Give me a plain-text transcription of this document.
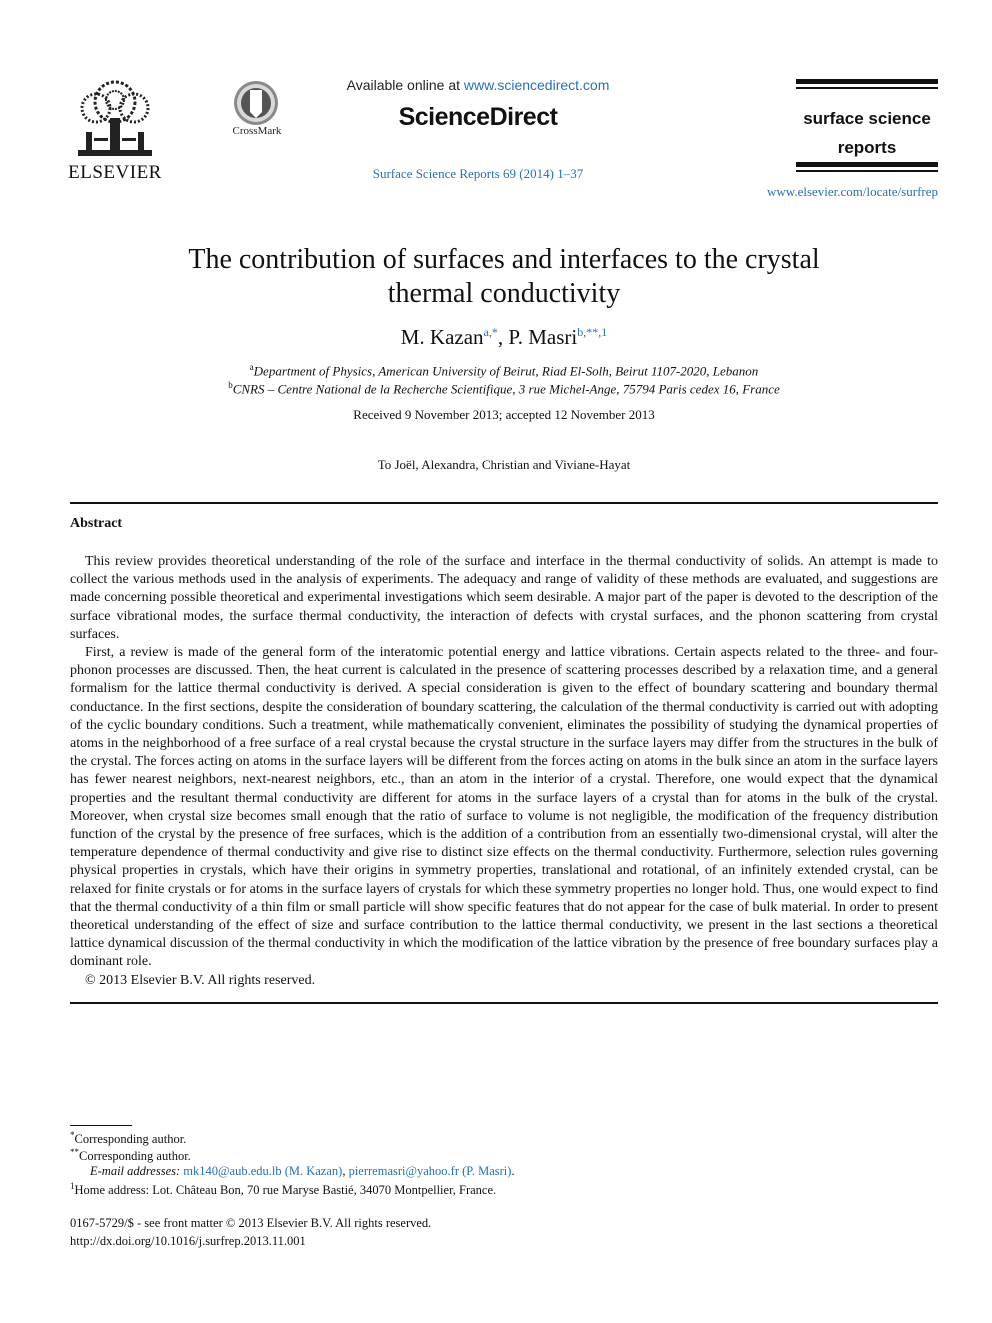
ELSEVIER
CrossMark
Available online at www.sciencedirect.com
ScienceDirect
Surface Science Reports 69 (2014) 1–37
surface science
reports
www.elsevier.com/locate/surfrep
The contribution of surfaces and interfaces to the crystal
thermal conductivity
M. Kazan$^{a,*}$, P. Masri$^{b,**,1}$
$^a$Department of Physics, American University of Beirut, Riad El-Solh, Beirut 1107-2020, Lebanon
$^b$CNRS – Centre National de la Recherche Scientifique, 3 rue Michel-Ange, 75794 Paris cedex 16, France
Received 9 November 2013; accepted 12 November 2013
To Joël, Alexandra, Christian and Viviane-Hayat
Abstract

This review provides theoretical understanding of the role of the surface and interface in the thermal conductivity of solids. An attempt is made to collect the various methods used in the analysis of experiments. The adequacy and range of validity of these methods are evaluated, and suggestions are made concerning possible theoretical and experimental investigations which seem desirable. A major part of the paper is devoted to the description of the surface vibrational modes, the surface thermal conductivity, the interaction of defects with crystal surfaces, and the phonon scattering from crystal surfaces.

First, a review is made of the general form of the interatomic potential energy and lattice vibrations. Certain aspects related to the three- and four-phonon processes are discussed. Then, the heat current is calculated in the presence of scattering processes described by a relaxation time, and a general formalism for the lattice thermal conductivity is derived. A special consideration is given to the effect of boundary scattering and boundary thermal conductance. In the first sections, despite the consideration of boundary scattering, the calculation of the thermal conductivity is carried out with adopting of the cyclic boundary conditions. Such a treatment, while mathematically convenient, eliminates the possibility of studying the dynamical properties of atoms in the neighborhood of a free surface of a real crystal because the crystal structure in the surface layers may differ from the structures in the bulk of the crystal. The forces acting on atoms in the surface layers will be different from the forces acting on atoms in the bulk since an atom in the surface layers has fewer nearest neighbors, next-nearest neighbors, etc., than an atom in the interior of a crystal. Therefore, one would expect that the dynamical properties and the resultant thermal conductivity are different for atoms in the surface layers of a crystal than for atoms in the bulk of the crystal. Moreover, when crystal size becomes small enough that the ratio of surface to volume is not negligible, the modification of the frequency distribution function of the crystal by the presence of free surfaces, which is the addition of a contribution from an essentially two-dimensional crystal, will alter the temperature dependence of thermal conductivity and give rise to distinct size effects on the thermal conductivity. Furthermore, selection rules governing physical properties in crystals, which have their origins in symmetry properties, translational and rotational, of an infinitely extended crystal, can be relaxed for finite crystals or for atoms in the surface layers of crystals for which these symmetry properties no longer hold. Thus, one would expect to find that the thermal conductivity of a thin film or small particle will show specific features that do not appear for the case of bulk material. In order to present theoretical understanding of the effect of size and surface contribution to the lattice thermal conductivity, we present in the last sections a theoretical lattice dynamical discussion of the thermal conductivity in which the modification of the lattice vibration by the presence of free boundary surfaces play a dominant role.

© 2013 Elsevier B.V. All rights reserved.

*Corresponding author.
**Corresponding author.
E-mail addresses: mk140@aub.edu.lb (M. Kazan), pierremasri@yahoo.fr (P. Masri).
$^1$Home address: Lot. Château Bon, 70 rue Maryse Bastié, 34070 Montpellier, France.
0167-5729/$ - see front matter © 2013 Elsevier B.V. All rights reserved.
http://dx.doi.org/10.1016/j.surfrep.2013.11.001
